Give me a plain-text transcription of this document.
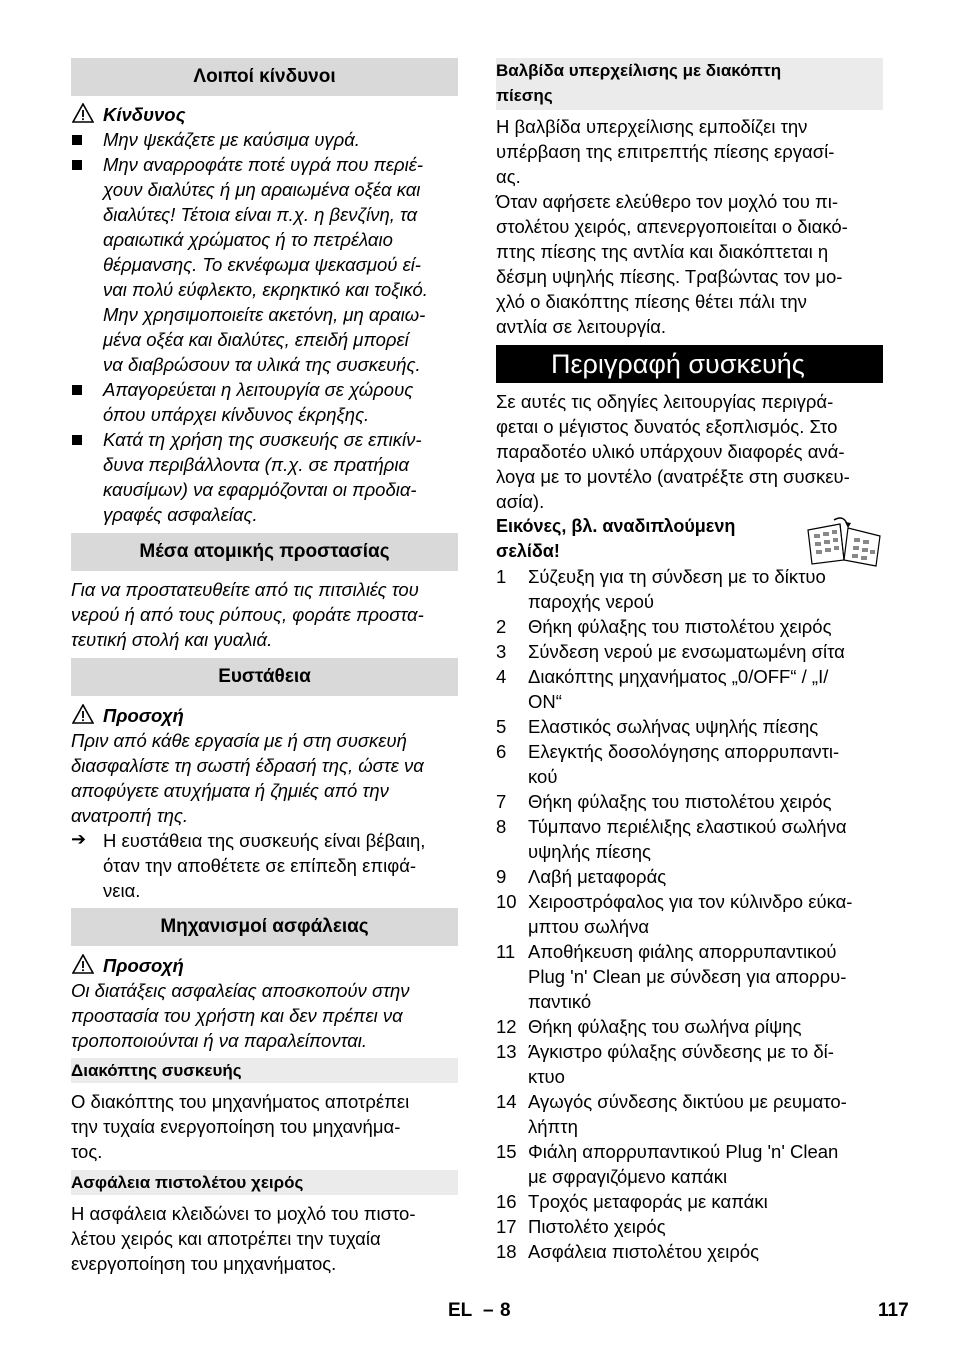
Λοιποί κίνδυνοι
Κίνδυνος
Μην ψεκάζετε με καύσιμα υγρά.
Μην αναρροφάτε ποτέ υγρά που περιέ-
χουν διαλύτες ή μη αραιωμένα οξέα και
διαλύτες! Τέτοια είναι π.χ. η βενζίνη, τα
αραιωτικά χρώματος ή το πετρέλαιο
θέρμανσης. Το εκνέφωμα ψεκασμού εί-
ναι πολύ εύφλεκτο, εκρηκτικό και τοξικό.
Μην χρησιμοποιείτε ακετόνη, μη αραιω-
μένα οξέα και διαλύτες, επειδή μπορεί
να διαβρώσουν τα υλικά της συσκευής.
Απαγορεύεται η λειτουργία σε χώρους
όπου υπάρχει κίνδυνος έκρηξης.
Κατά τη χρήση της συσκευής σε επικίν-
δυνα περιβάλλοντα (π.χ. σε πρατήρια
καυσίμων) να εφαρμόζονται οι προδια-
γραφές ασφαλείας.
Μέσα ατομικής προστασίας
Για να προστατευθείτε από τις πιτσιλιές του
νερού ή από τους ρύπους, φοράτε προστα-
τευτική στολή και γυαλιά.
Ευστάθεια
Προσοχή
Πριν από κάθε εργασία με ή στη συσκευή
διασφαλίστε τη σωστή έδρασή της, ώστε να
αποφύγετε ατυχήματα ή ζημιές από την
ανατροπή της.
➔ Η ευστάθεια της συσκευής είναι βέβαιη,
όταν την αποθέτετε σε επίπεδη επιφά-
νεια.
Μηχανισμοί ασφάλειας
Προσοχή
Οι διατάξεις ασφαλείας αποσκοπούν στην
προστασία του χρήστη και δεν πρέπει να
τροποποιούνται ή να παραλείπονται.
Διακόπτης συσκευής
Ο διακόπτης του μηχανήματος αποτρέπει
την τυχαία ενεργοποίηση του μηχανήμα-
τος.
Ασφάλεια πιστολέτου χειρός
Η ασφάλεια κλειδώνει το μοχλό του πιστο-
λέτου χειρός και αποτρέπει την τυχαία
ενεργοποίηση του μηχανήματος.
Βαλβίδα υπερχείλισης με διακόπτη
πίεσης
Η βαλβίδα υπερχείλισης εμποδίζει την
υπέρβαση της επιτρεπτής πίεσης εργασί-
ας.
Όταν αφήσετε ελεύθερο τον μοχλό του πι-
στολέτου χειρός, απενεργοποιείται ο διακό-
πτης πίεσης της αντλία και διακόπτεται η
δέσμη υψηλής πίεσης. Τραβώντας τον μο-
χλό ο διακόπτης πίεσης θέτει πάλι την
αντλία σε λειτουργία.
Περιγραφή συσκευής
Σε αυτές τις οδηγίες λειτουργίας περιγρά-
φεται ο μέγιστος δυνατός εξοπλισμός. Στο
παραδοτέο υλικό υπάρχουν διαφορές ανά-
λογα με το μοντέλο (ανατρέξτε στη συσκευ-
ασία).
Εικόνες, βλ. αναδιπλούμενη
σελίδα!
1 Σύζευξη για τη σύνδεση με το δίκτυο
παροχής νερού
2 Θήκη φύλαξης του πιστολέτου χειρός
3 Σύνδεση νερού με ενσωματωμένη σίτα
4 Διακόπτης μηχανήματος „0/OFF“ / „I/
ON“
5 Ελαστικός σωλήνας υψηλής πίεσης
6 Ελεγκτής δοσολόγησης απορρυπαντι-
κού
7 Θήκη φύλαξης του πιστολέτου χειρός
8 Τύμπανο περιέλιξης ελαστικού σωλήνα
υψηλής πίεσης
9 Λαβή μεταφοράς
10 Χειροστρόφαλος για τον κύλινδρο εύκα-
μπτου σωλήνα
11 Αποθήκευση φιάλης απορρυπαντικού
Plug 'n' Clean με σύνδεση για απορρυ-
παντικό
12 Θήκη φύλαξης του σωλήνα ρίψης
13 Άγκιστρο φύλαξης σύνδεσης με το δί-
κτυο
14 Αγωγός σύνδεσης δικτύου με ρευματο-
λήπτη
15 Φιάλη απορρυπαντικού Plug 'n' Clean
με σφραγιζόμενο καπάκι
16 Τροχός μεταφοράς με καπάκι
17 Πιστολέτο χειρός
18 Ασφάλεια πιστολέτου χειρός
EL – 8	117
